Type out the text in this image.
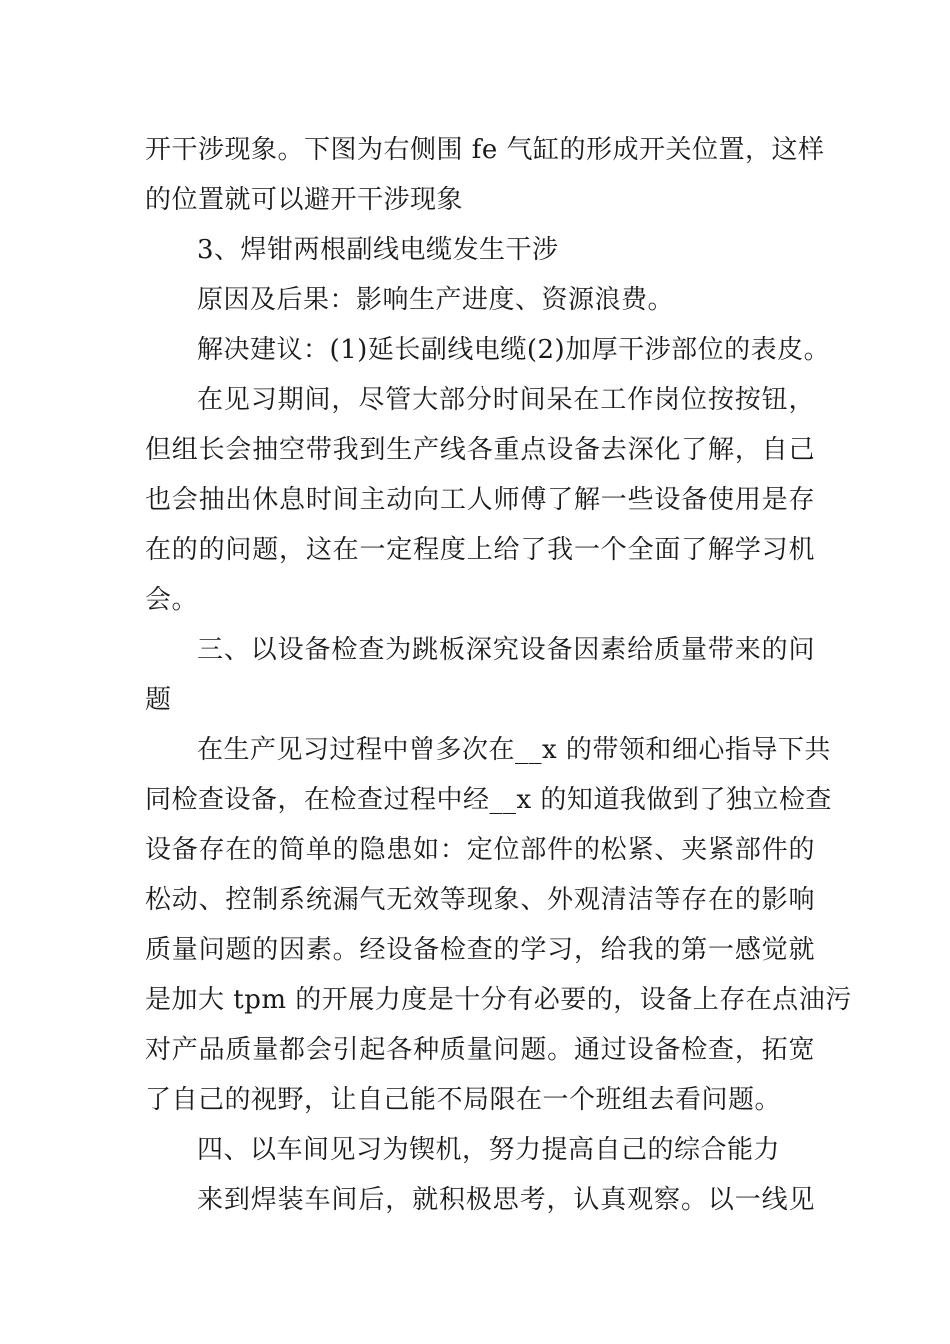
开干涉现象。下图为右侧围 fe 气缸的形成开关位置，这样
的位置就可以避开干涉现象
3、焊钳两根副线电缆发生干涉
原因及后果：影响生产进度、资源浪费。
解决建议：(1)延长副线电缆(2)加厚干涉部位的表皮。
在见习期间，尽管大部分时间呆在工作岗位按按钮，
但组长会抽空带我到生产线各重点设备去深化了解，自己
也会抽出休息时间主动向工人师傅了解一些设备使用是存
在的的问题，这在一定程度上给了我一个全面了解学习机
会。
三、以设备检查为跳板深究设备因素给质量带来的问
题
在生产见习过程中曾多次在__x 的带领和细心指导下共
同检查设备，在检查过程中经__x 的知道我做到了独立检查
设备存在的简单的隐患如：定位部件的松紧、夹紧部件的
松动、控制系统漏气无效等现象、外观清洁等存在的影响
质量问题的因素。经设备检查的学习，给我的第一感觉就
是加大 tpm 的开展力度是十分有必要的，设备上存在点油污
对产品质量都会引起各种质量问题。通过设备检查，拓宽
了自己的视野，让自己能不局限在一个班组去看问题。
四、以车间见习为锲机，努力提高自己的综合能力
来到焊装车间后，就积极思考，认真观察。以一线见
